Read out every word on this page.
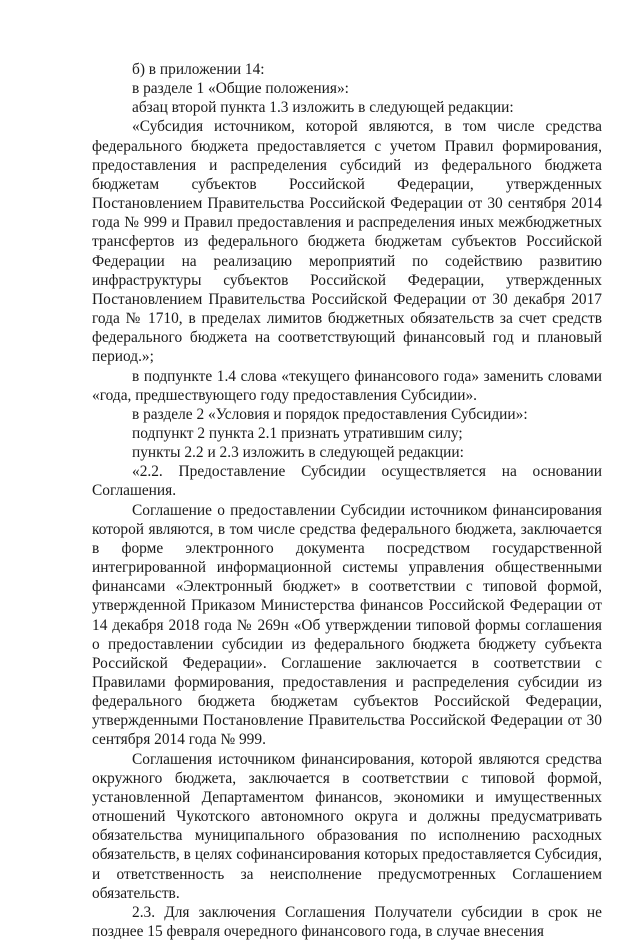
б) в приложении 14:

в разделе 1 «Общие положения»:

абзац второй пункта 1.3 изложить в следующей редакции:

«Субсидия источником, которой являются, в том числе средства федерального бюджета предоставляется с учетом Правил формирования, предоставления и распределения субсидий из федерального бюджета бюджетам субъектов Российской Федерации, утвержденных Постановлением Правительства Российской Федерации от 30 сентября 2014 года № 999 и Правил предоставления и распределения иных межбюджетных трансфертов из федерального бюджета бюджетам субъектов Российской Федерации на реализацию мероприятий по содействию развитию инфраструктуры субъектов Российской Федерации, утвержденных Постановлением Правительства Российской Федерации от 30 декабря 2017 года № 1710, в пределах лимитов бюджетных обязательств за счет средств федерального бюджета на соответствующий финансовый год и плановый период.»;

в подпункте 1.4 слова «текущего финансового года» заменить словами «года, предшествующего году предоставления Субсидии».

в разделе 2 «Условия и порядок предоставления Субсидии»:

подпункт 2 пункта 2.1 признать утратившим силу;

пункты 2.2 и 2.3 изложить в следующей редакции:

«2.2. Предоставление Субсидии осуществляется на основании Соглашения.

Соглашение о предоставлении Субсидии источником финансирования которой являются, в том числе средства федерального бюджета, заключается в форме электронного документа посредством государственной интегрированной информационной системы управления общественными финансами «Электронный бюджет» в соответствии с типовой формой, утвержденной Приказом Министерства финансов Российской Федерации от 14 декабря 2018 года № 269н «Об утверждении типовой формы соглашения о предоставлении субсидии из федерального бюджета бюджету субъекта Российской Федерации». Соглашение заключается в соответствии с Правилами формирования, предоставления и распределения субсидии из федерального бюджета бюджетам субъектов Российской Федерации, утвержденными Постановление Правительства Российской Федерации от 30 сентября 2014 года № 999.

Соглашения источником финансирования, которой являются средства окружного бюджета, заключается в соответствии с типовой формой, установленной Департаментом финансов, экономики и имущественных отношений Чукотского автономного округа и должны предусматривать обязательства муниципального образования по исполнению расходных обязательств, в целях софинансирования которых предоставляется Субсидия, и ответственность за неисполнение предусмотренных Соглашением обязательств.

2.3. Для заключения Соглашения Получатели субсидии в срок не позднее 15 февраля очередного финансового года, в случае внесения
